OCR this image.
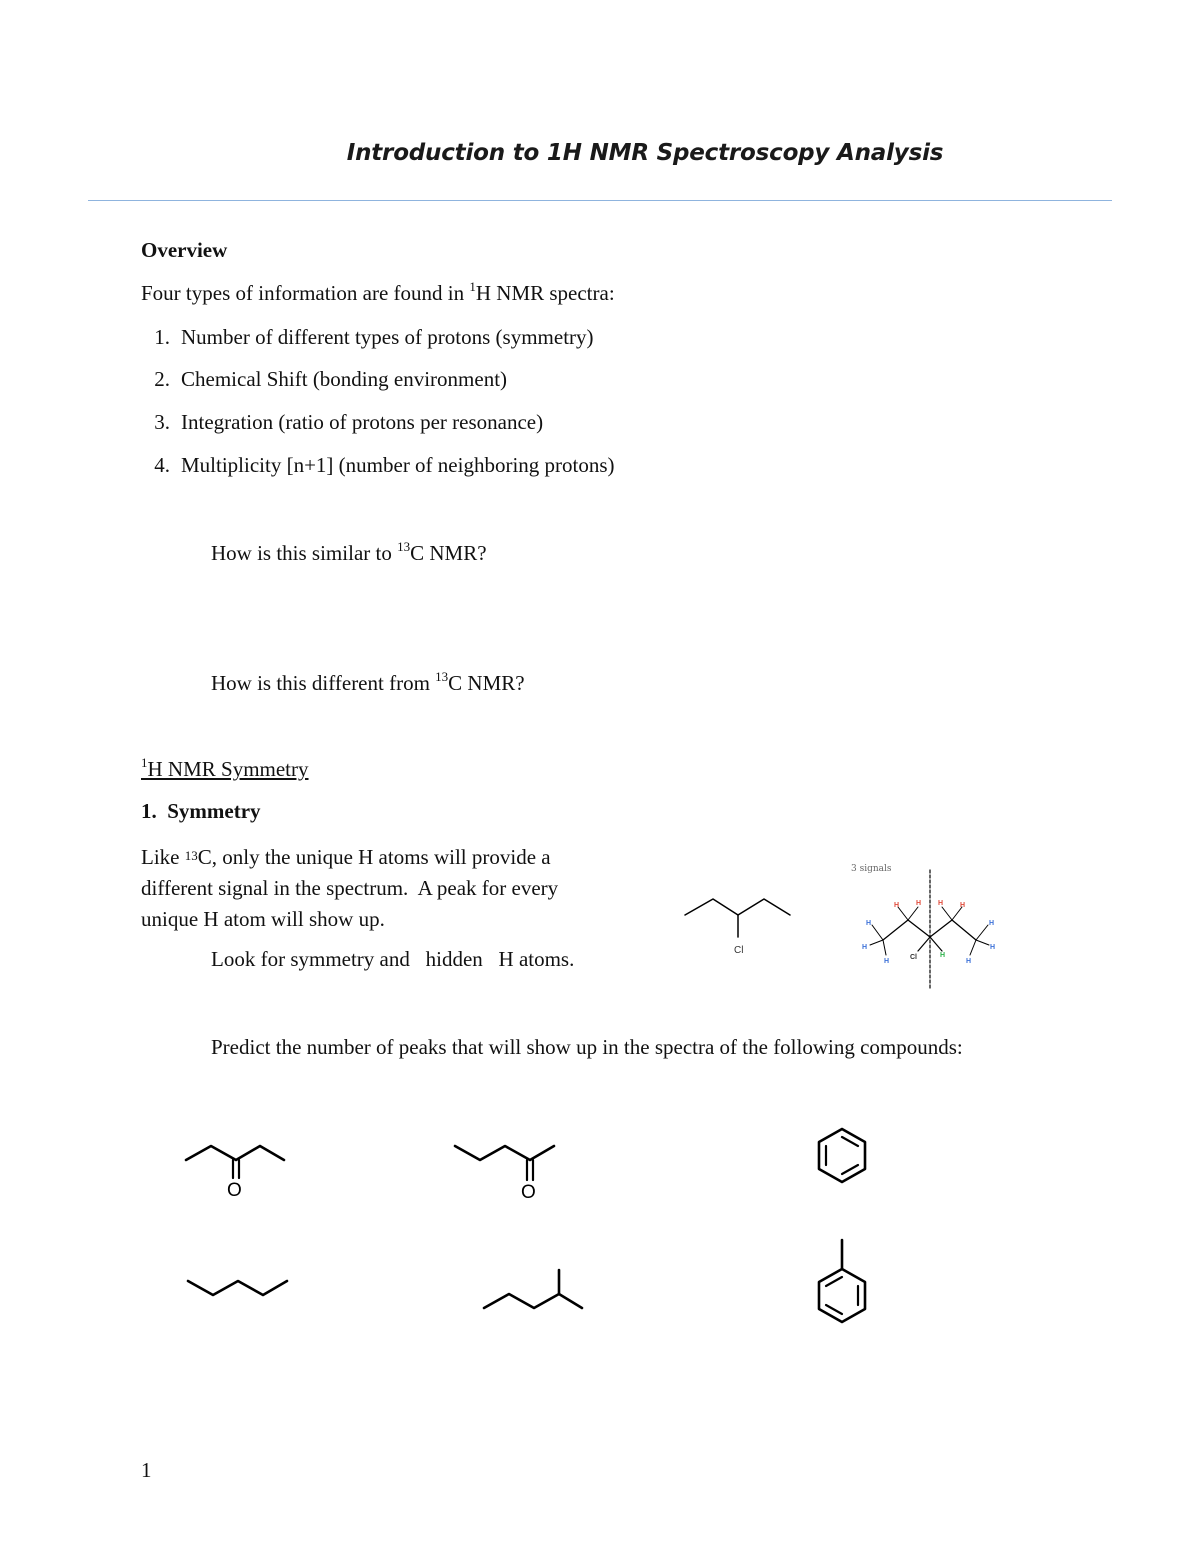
Introduction to 1H NMR Spectroscopy Analysis
Overview
Four types of information are found in $^1$H NMR spectra:
1. Number of different types of protons (symmetry)
2. Chemical Shift (bonding environment)
3. Integration (ratio of protons per resonance)
4. Multiplicity [n+1] (number of neighboring protons)
How is this similar to $^{13}$C NMR?
How is this different from $^{13}$C NMR?
$^1$H NMR Symmetry
1.  Symmetry
Like $^{13}$C, only the unique H atoms will provide a
different signal in the spectrum.  A peak for every
unique H atom will show up.
Look for symmetry and   hidden   H atoms.
Predict the number of peaks that will show up in the spectra of the following compounds:
Cl
3 signals
H
H
H
H H H H
H
H
H
H
Cl
O	O
1
